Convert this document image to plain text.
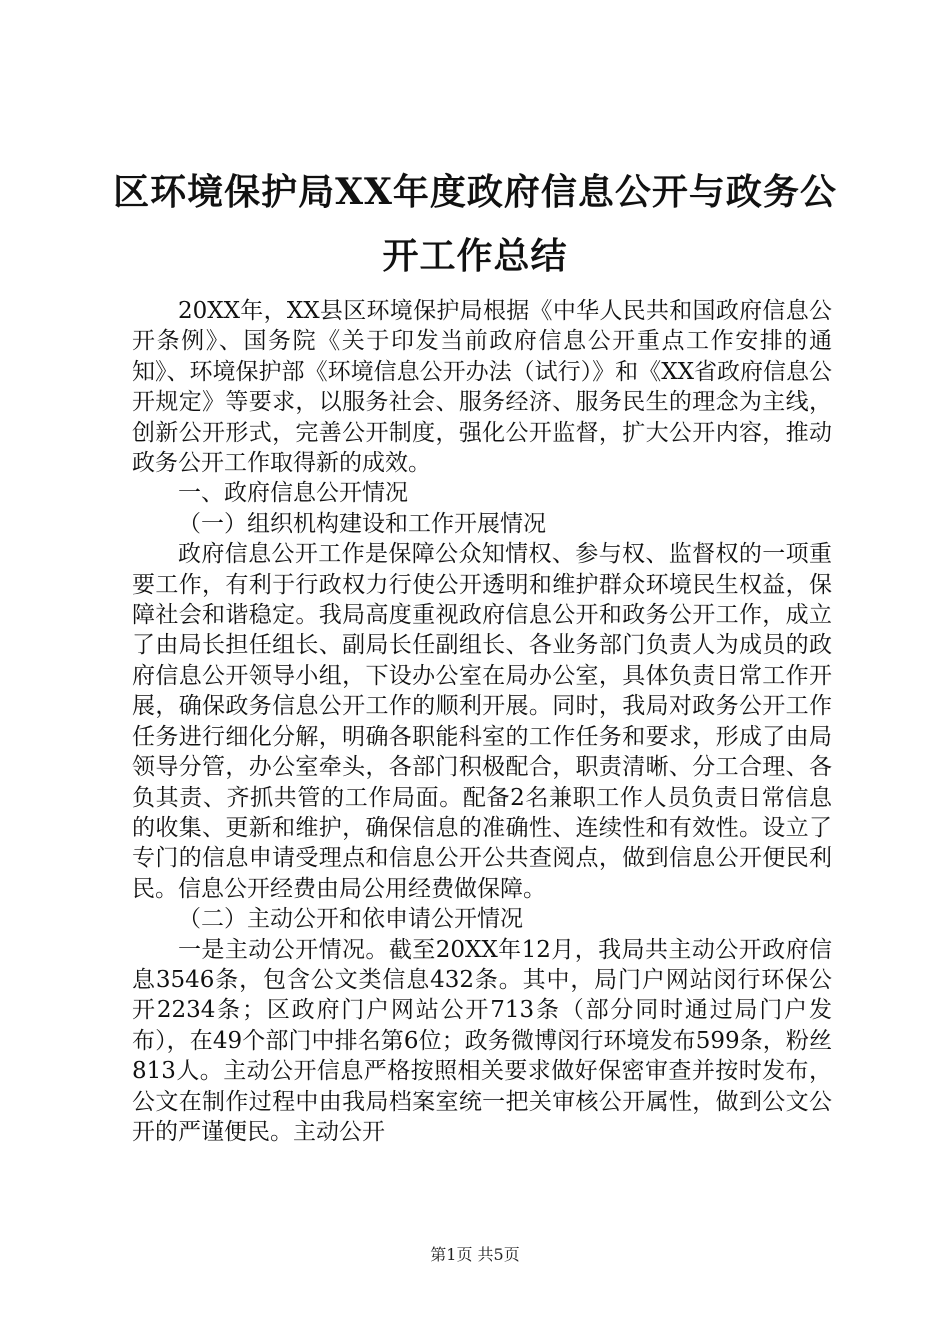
区环境保护局XX年度政府信息公开与政务公开工作总结

20XX年，XX县区环境保护局根据《中华人民共和国政府信息公开条例》、国务院《关于印发当前政府信息公开重点工作安排的通知》、环境保护部《环境信息公开办法（试行）》和《XX省政府信息公开规定》等要求，以服务社会、服务经济、服务民生的理念为主线，创新公开形式，完善公开制度，强化公开监督，扩大公开内容，推动政务公开工作取得新的成效。

一、政府信息公开情况

（一）组织机构建设和工作开展情况

政府信息公开工作是保障公众知情权、参与权、监督权的一项重要工作，有利于行政权力行使公开透明和维护群众环境民生权益，保障社会和谐稳定。我局高度重视政府信息公开和政务公开工作，成立了由局长担任组长、副局长任副组长、各业务部门负责人为成员的政府信息公开领导小组，下设办公室在局办公室，具体负责日常工作开展，确保政务信息公开工作的顺利开展。同时，我局对政务公开工作任务进行细化分解，明确各职能科室的工作任务和要求，形成了由局领导分管，办公室牵头，各部门积极配合，职责清晰、分工合理、各负其责、齐抓共管的工作局面。配备2名兼职工作人员负责日常信息的收集、更新和维护，确保信息的准确性、连续性和有效性。设立了专门的信息申请受理点和信息公开公共查阅点，做到信息公开便民利民。信息公开经费由局公用经费做保障。

（二）主动公开和依申请公开情况

一是主动公开情况。截至20XX年12月，我局共主动公开政府信息3546条，包含公文类信息432条。其中，局门户网站闵行环保公开2234条；区政府门户网站公开713条（部分同时通过局门户发布），在49个部门中排名第6位；政务微博闵行环境发布599条，粉丝813人。主动公开信息严格按照相关要求做好保密审查并按时发布，公文在制作过程中由我局档案室统一把关审核公开属性，做到公文公开的严谨便民。主动公开

第1页 共5页
